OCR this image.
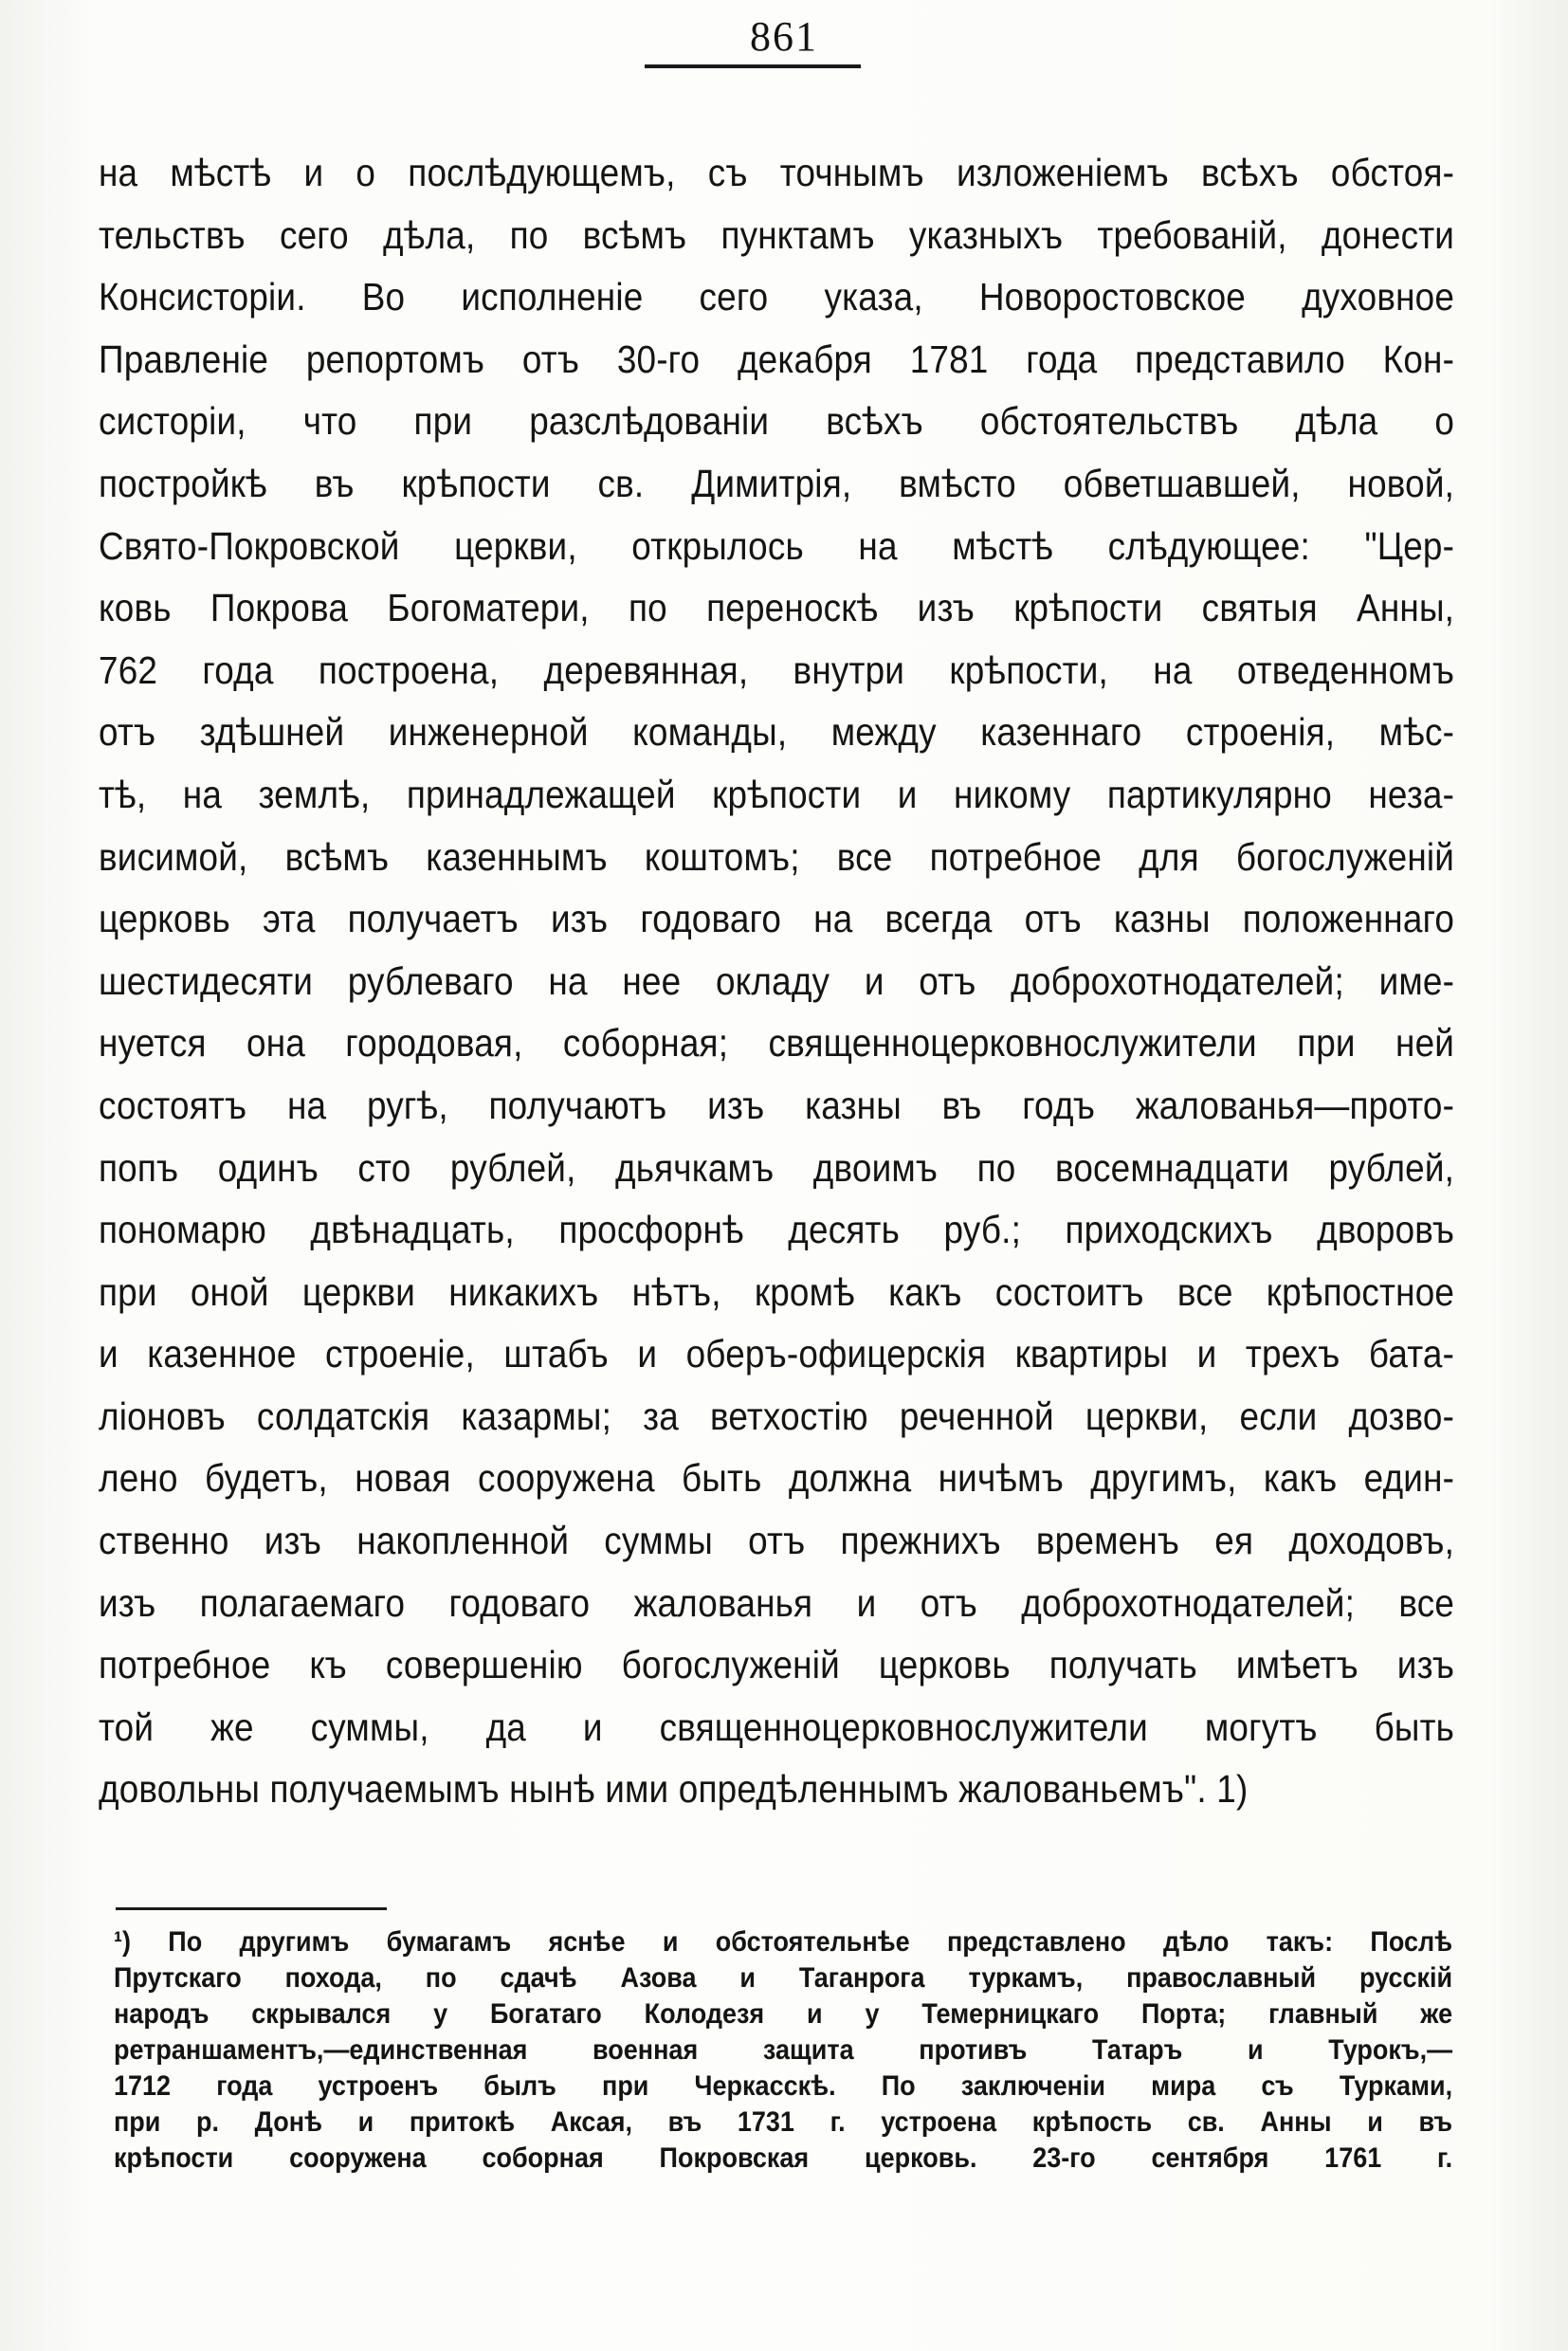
861
на мѣстѣ и о послѣдующемъ, съ точнымъ изложенiемъ всѣхъ обстоя-
тельствъ сего дѣла, по всѣмъ пунктамъ указныхъ требованiй, донести
Консисторiи. Во исполненiе сего указа, Новоростовское духовное
Правленiе репортомъ отъ 30-го декабря 1781 года представило Кон-
систорiи, что при разслѣдованiи всѣхъ обстоятельствъ дѣла о
постройкѣ въ крѣпости св. Димитрiя, вмѣсто обветшавшей, новой,
Свято-Покровской церкви, открылось на мѣстѣ слѣдующее: "Цер-
ковь Покрова Богоматери, по переноскѣ изъ крѣпости святыя Анны,
762 года построена, деревянная, внутри крѣпости, на отведенномъ
отъ здѣшней инженерной команды, между казеннаго строенiя, мѣс-
тѣ, на землѣ, принадлежащей крѣпости и никому партикулярно неза-
висимой, всѣмъ казеннымъ коштомъ; все потребное для богослуженiй
церковь эта получаетъ изъ годоваго на всегда отъ казны положеннаго
шестидесяти рублеваго на нее окладу и отъ доброхотнодателей; име-
нуется она городовая, соборная; священноцерковнослужители при ней
состоятъ на ругѣ, получаютъ изъ казны въ годъ жалованья—прото-
попъ одинъ сто рублей, дьячкамъ двоимъ по восемнадцати рублей,
пономарю двѣнадцать, просфорнѣ десять руб.; приходскихъ дворовъ
при оной церкви никакихъ нѣтъ, кромѣ какъ состоитъ все крѣпостное
и казенное строенiе, штабъ и оберъ-офицерскiя квартиры и трехъ бата-
лiоновъ солдатскiя казармы; за ветхостiю реченной церкви, если дозво-
лено будетъ, новая сооружена быть должна ничѣмъ другимъ, какъ един-
ственно изъ накопленной суммы отъ прежнихъ временъ ея доходовъ,
изъ полагаемаго годоваго жалованья и отъ доброхотнодателей; все
потребное къ совершенiю богослуженiй церковь получать имѣетъ изъ
той же суммы, да и священноцерковнослужители могутъ быть
довольны получаемымъ нынѣ ими опредѣленнымъ жалованьемъ". 1)
¹) По другимъ бумагамъ яснѣе и обстоятельнѣе представлено дѣло такъ: Послѣ
Прутскаго похода, по сдачѣ Азова и Таганрога туркамъ, православный русскiй
народъ скрывался у Богатаго Колодезя и у Темерницкаго Порта; главный же
ретраншаментъ,—единственная военная защита противъ Татаръ и Турокъ,—
1712 года устроенъ былъ при Черкасскѣ. По заключенiи мира съ Турками,
при р. Донѣ и притокѣ Аксая, въ 1731 г. устроена крѣпость св. Анны и въ
крѣпости сооружена соборная Покровская церковь. 23-го сентября 1761 г.
